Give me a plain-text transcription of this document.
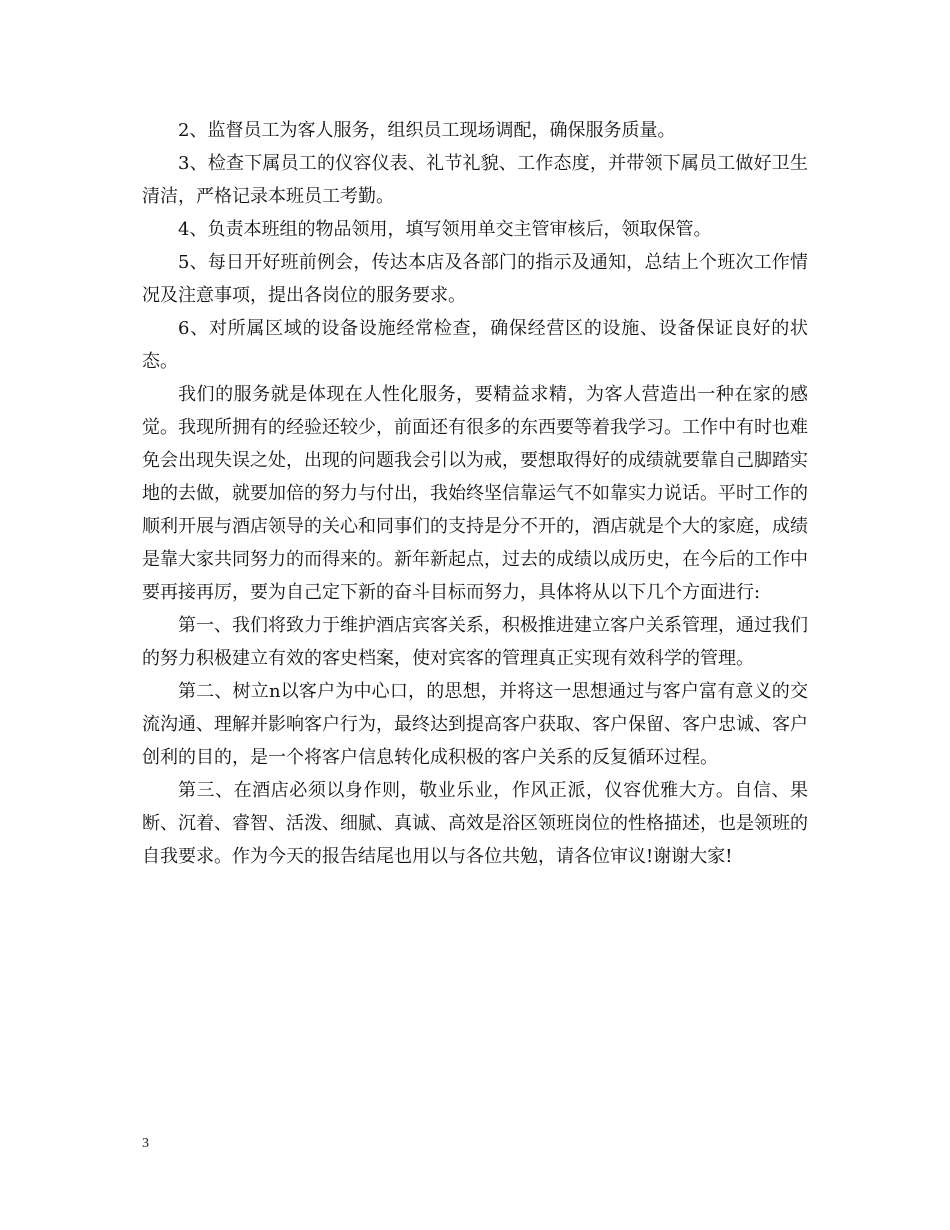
2、监督员工为客人服务，组织员工现场调配，确保服务质量。

3、检查下属员工的仪容仪表、礼节礼貌、工作态度，并带领下属员工做好卫生清洁，严格记录本班员工考勤。

4、负责本班组的物品领用，填写领用单交主管审核后，领取保管。

5、每日开好班前例会，传达本店及各部门的指示及通知，总结上个班次工作情况及注意事项，提出各岗位的服务要求。

6、对所属区域的设备设施经常检查，确保经营区的设施、设备保证良好的状态。

我们的服务就是体现在人性化服务，要精益求精，为客人营造出一种在家的感觉。我现所拥有的经验还较少，前面还有很多的东西要等着我学习。工作中有时也难免会出现失误之处，出现的问题我会引以为戒，要想取得好的成绩就要靠自己脚踏实地的去做，就要加倍的努力与付出，我始终坚信靠运气不如靠实力说话。平时工作的顺利开展与酒店领导的关心和同事们的支持是分不开的，酒店就是个大的家庭，成绩是靠大家共同努力的而得来的。新年新起点，过去的成绩以成历史，在今后的工作中要再接再厉，要为自己定下新的奋斗目标而努力，具体将从以下几个方面进行:

第一、我们将致力于维护酒店宾客关系，积极推进建立客户关系管理，通过我们的努力积极建立有效的客史档案，使对宾客的管理真正实现有效科学的管理。

第二、树立n以客户为中心口，的思想，并将这一思想通过与客户富有意义的交流沟通、理解并影响客户行为，最终达到提高客户获取、客户保留、客户忠诚、客户创利的目的，是一个将客户信息转化成积极的客户关系的反复循环过程。

第三、在酒店必须以身作则，敬业乐业，作风正派，仪容优雅大方。自信、果断、沉着、睿智、活泼、细腻、真诚、高效是浴区领班岗位的性格描述，也是领班的自我要求。作为今天的报告结尾也用以与各位共勉，请各位审议!谢谢大家!

3
